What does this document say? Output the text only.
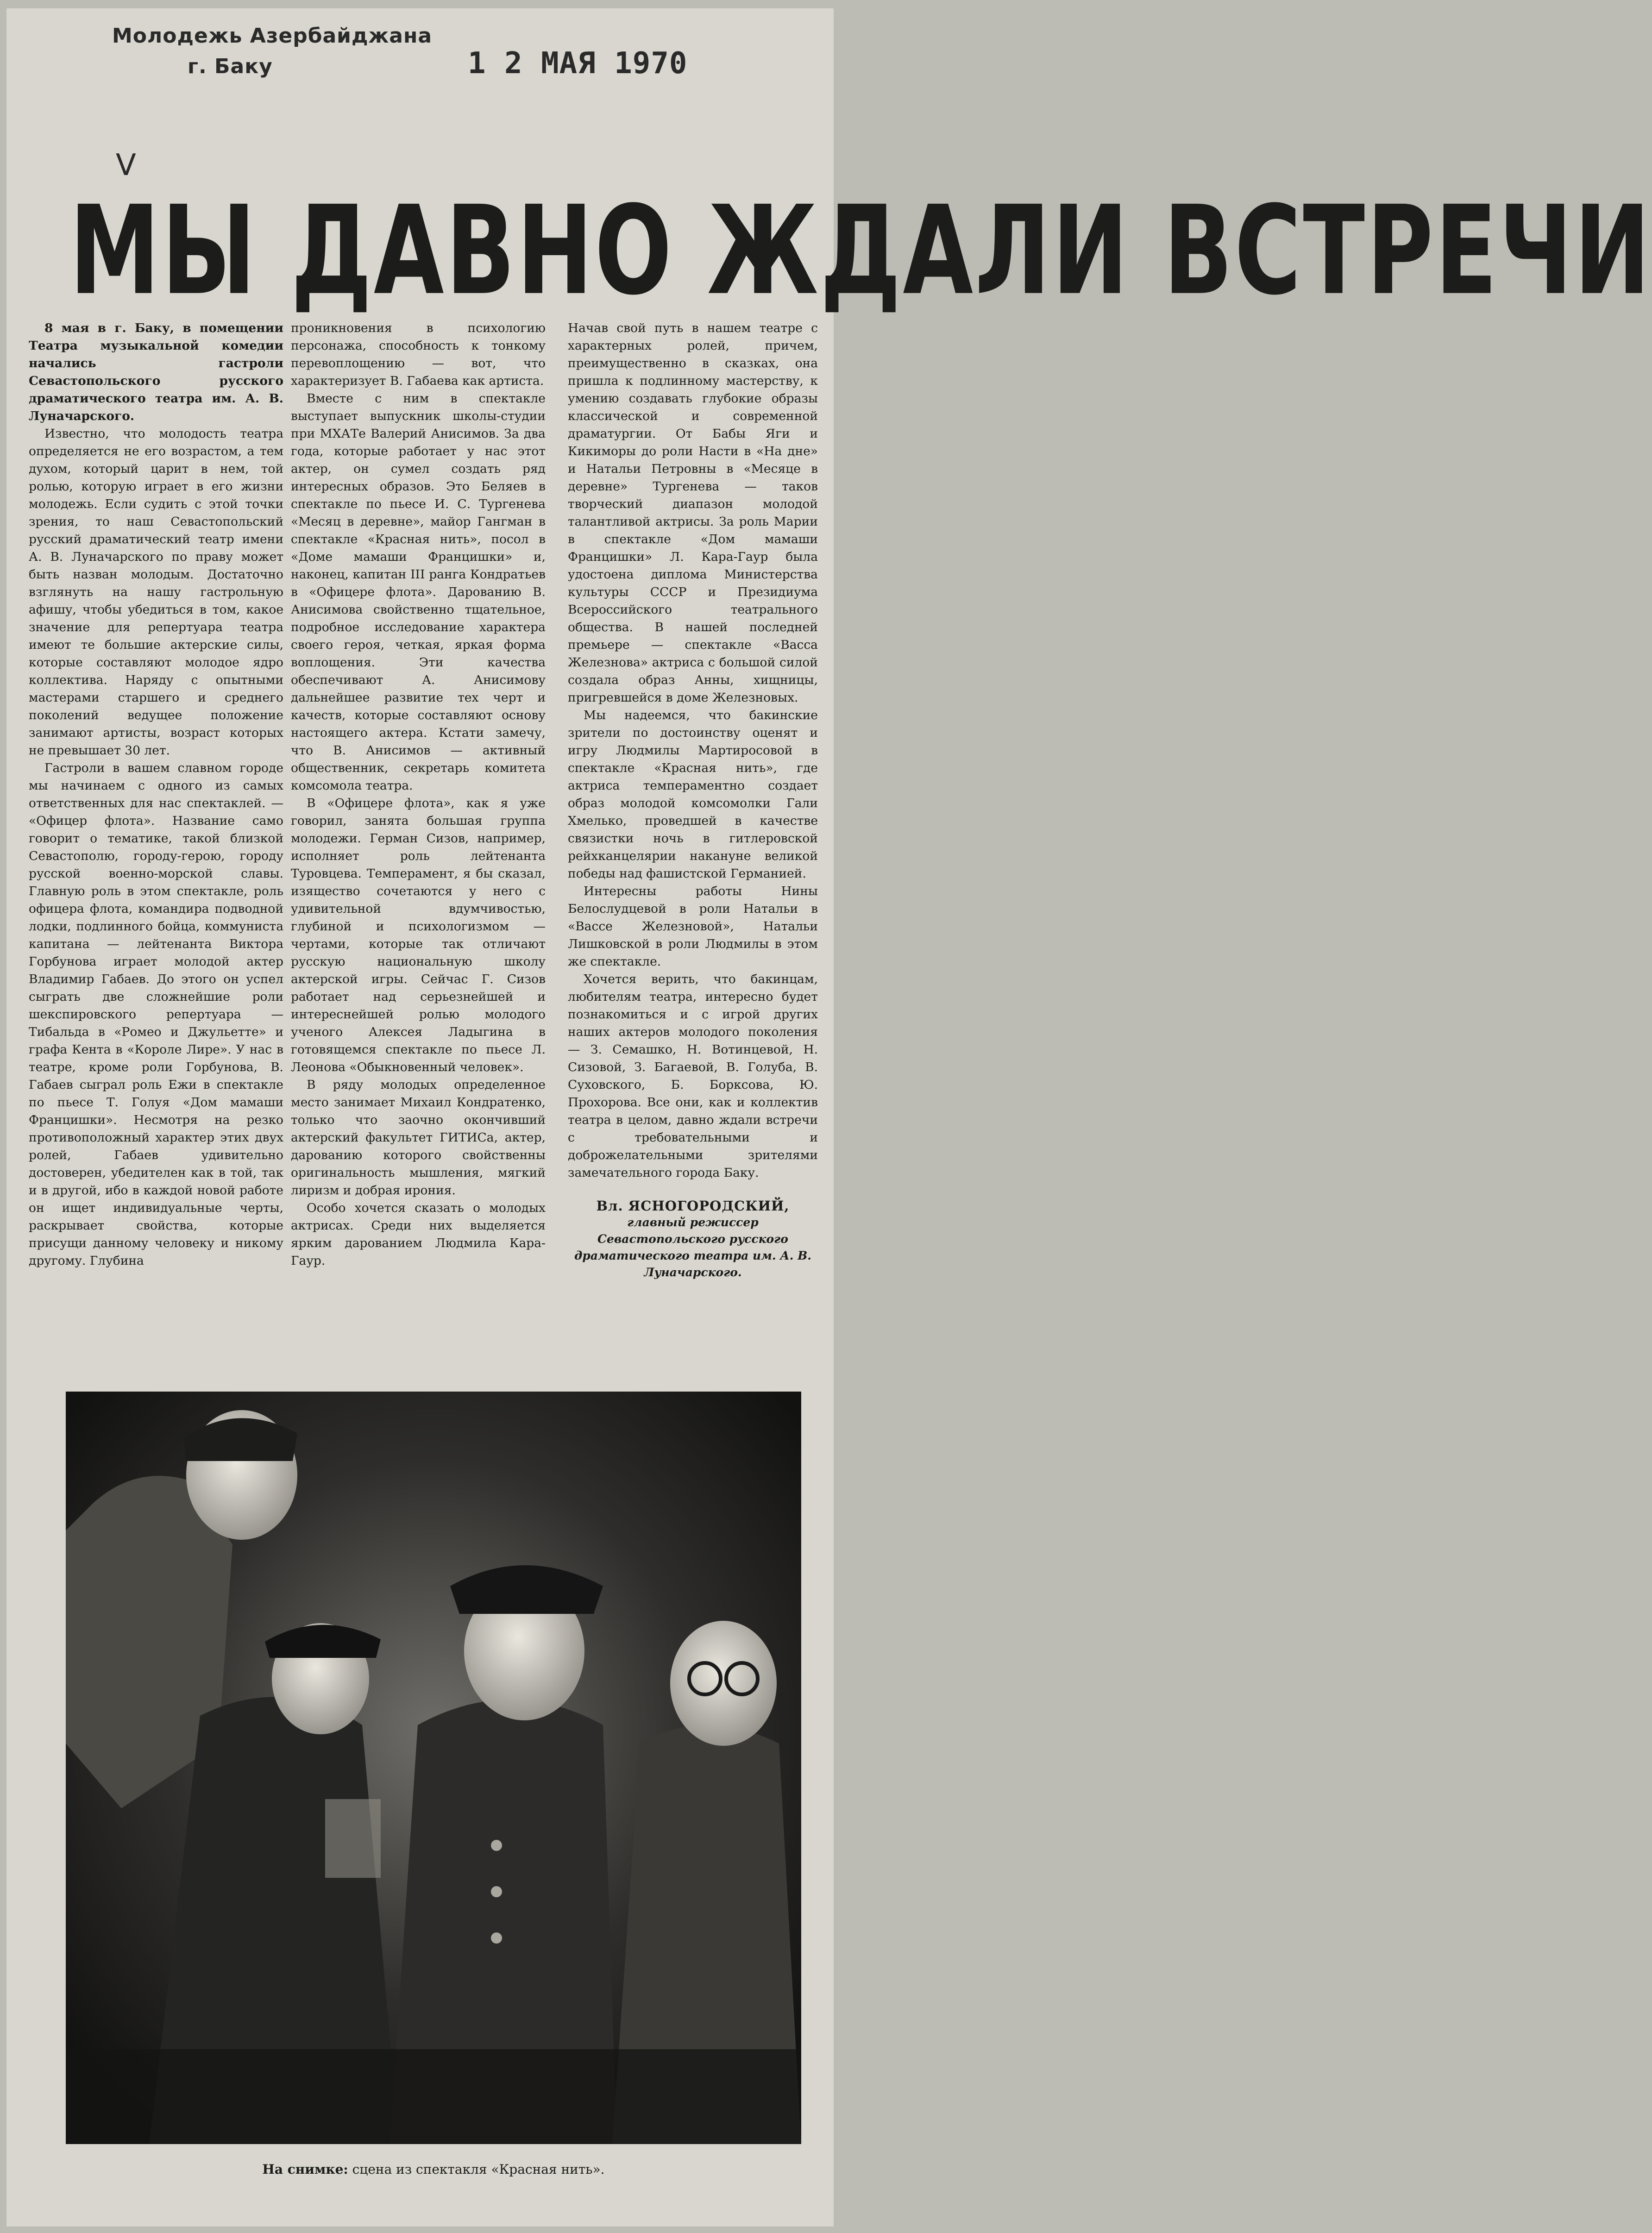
Молодежь Азербайджана
г. Баку	1 2 МАЯ 1970
V
МЫ ДАВНО ЖДАЛИ ВСТРЕЧИ

8 мая в г. Баку, в помещении Театра музыкальной комедии начались гастроли Севастопольского русского драматического театра им. А. В. Луначарского.

Известно, что молодость театра определяется не его возрастом, а тем духом, который царит в нем, той ролью, которую играет в его жизни молодежь. Если судить с этой точки зрения, то наш Севастопольский русский драматический театр имени А. В. Луначарского по праву может быть назван молодым. Достаточно взглянуть на нашу гастрольную афишу, чтобы убедиться в том, какое значение для репертуара театра имеют те большие актерские силы, которые составляют молодое ядро коллектива. Наряду с опытными мастерами старшего и среднего поколений ведущее положение занимают артисты, возраст которых не превышает 30 лет.

Гастроли в вашем славном городе мы начинаем с одного из самых ответственных для нас спектаклей. — «Офицер флота». Название само говорит о тематике, такой близкой Севастополю, городу-герою, городу русской военно-морской славы. Главную роль в этом спектакле, роль офицера флота, командира подводной лодки, подлинного бойца, коммуниста капитана — лейтенанта Виктора Горбунова играет молодой актер Владимир Габаев. До этого он успел сыграть две сложнейшие роли шекспировского репертуара — Тибальда в «Ромео и Джульетте» и графа Кента в «Короле Лире». У нас в театре, кроме роли Горбунова, В. Габаев сыграл роль Ежи в спектакле по пьесе Т. Голуя «Дом мамаши Францишки». Несмотря на резко противоположный характер этих двух ролей, Габаев удивительно достоверен, убедителен как в той, так и в другой, ибо в каждой новой работе он ищет индивидуальные черты, раскрывает свойства, которые присущи данному человеку и никому другому. Глубина

проникновения в психологию персонажа, способность к тонкому перевоплощению — вот, что характеризует В. Габаева как артиста.

Вместе с ним в спектакле выступает выпускник школы-студии при МХАТе Валерий Анисимов. За два года, которые работает у нас этот актер, он сумел создать ряд интересных образов. Это Беляев в спектакле по пьесе И. С. Тургенева «Месяц в деревне», майор Гангман в спектакле «Красная нить», посол в «Доме мамаши Францишки» и, наконец, капитан III ранга Кондратьев в «Офицере флота». Дарованию В. Анисимова свойственно тщательное, подробное исследование характера своего героя, четкая, яркая форма воплощения. Эти качества обеспечивают А. Анисимову дальнейшее развитие тех черт и качеств, которые составляют основу настоящего актера. Кстати замечу, что В. Анисимов — активный общественник, секретарь комитета комсомола театра.

В «Офицере флота», как я уже говорил, занята большая группа молодежи. Герман Сизов, например, исполняет роль лейтенанта Туровцева. Темперамент, я бы сказал, изящество сочетаются у него с удивительной вдумчивостью, глубиной и психологизмом — чертами, которые так отличают русскую национальную школу актерской игры. Сейчас Г. Сизов работает над серьезнейшей и интереснейшей ролью молодого ученого Алексея Ладыгина в готовящемся спектакле по пьесе Л. Леонова «Обыкновенный человек».

В ряду молодых определенное место занимает Михаил Кондратенко, только что заочно окончивший актерский факультет ГИТИСа, актер, дарованию которого свойственны оригинальность мышления, мягкий лиризм и добрая ирония.

Особо хочется сказать о молодых актрисах. Среди них выделяется ярким дарованием Людмила Кара-Гаур.

Начав свой путь в нашем театре с характерных ролей, причем, преимущественно в сказках, она пришла к подлинному мастерству, к умению создавать глубокие образы классической и современной драматургии. От Бабы Яги и Кикиморы до роли Насти в «На дне» и Натальи Петровны в «Месяце в деревне» Тургенева — таков творческий диапазон молодой талантливой актрисы. За роль Марии в спектакле «Дом мамаши Францишки» Л. Кара-Гаур была удостоена диплома Министерства культуры СССР и Президиума Всероссийского театрального общества. В нашей последней премьере — спектакле «Васса Железнова» актриса с большой силой создала образ Анны, хищницы, пригревшейся в доме Железновых.

Мы надеемся, что бакинские зрители по достоинству оценят и игру Людмилы Мартиросовой в спектакле «Красная нить», где актриса темпераментно создает образ молодой комсомолки Гали Хмелько, проведшей в качестве связистки ночь в гитлеровской рейхканцелярии накануне великой победы над фашистской Германией.

Интересны работы Нины Белослудцевой в роли Натальи в «Вассе Железновой», Натальи Лишковской в роли Людмилы в этом же спектакле.

Хочется верить, что бакинцам, любителям театра, интересно будет познакомиться и с игрой других наших актеров молодого поколения — З. Семашко, Н. Вотинцевой, Н. Сизовой, З. Багаевой, В. Голуба, В. Суховского, Б. Борксова, Ю. Прохорова. Все они, как и коллектив театра в целом, давно ждали встречи с требовательными и доброжелательными зрителями замечательного города Баку.

Вл. ЯСНОГОРОДСКИЙ,
главный режиссер Севастопольского русского драматического театра им. А. В. Луначарского.
На снимке: сцена из спектакля «Красная нить».
